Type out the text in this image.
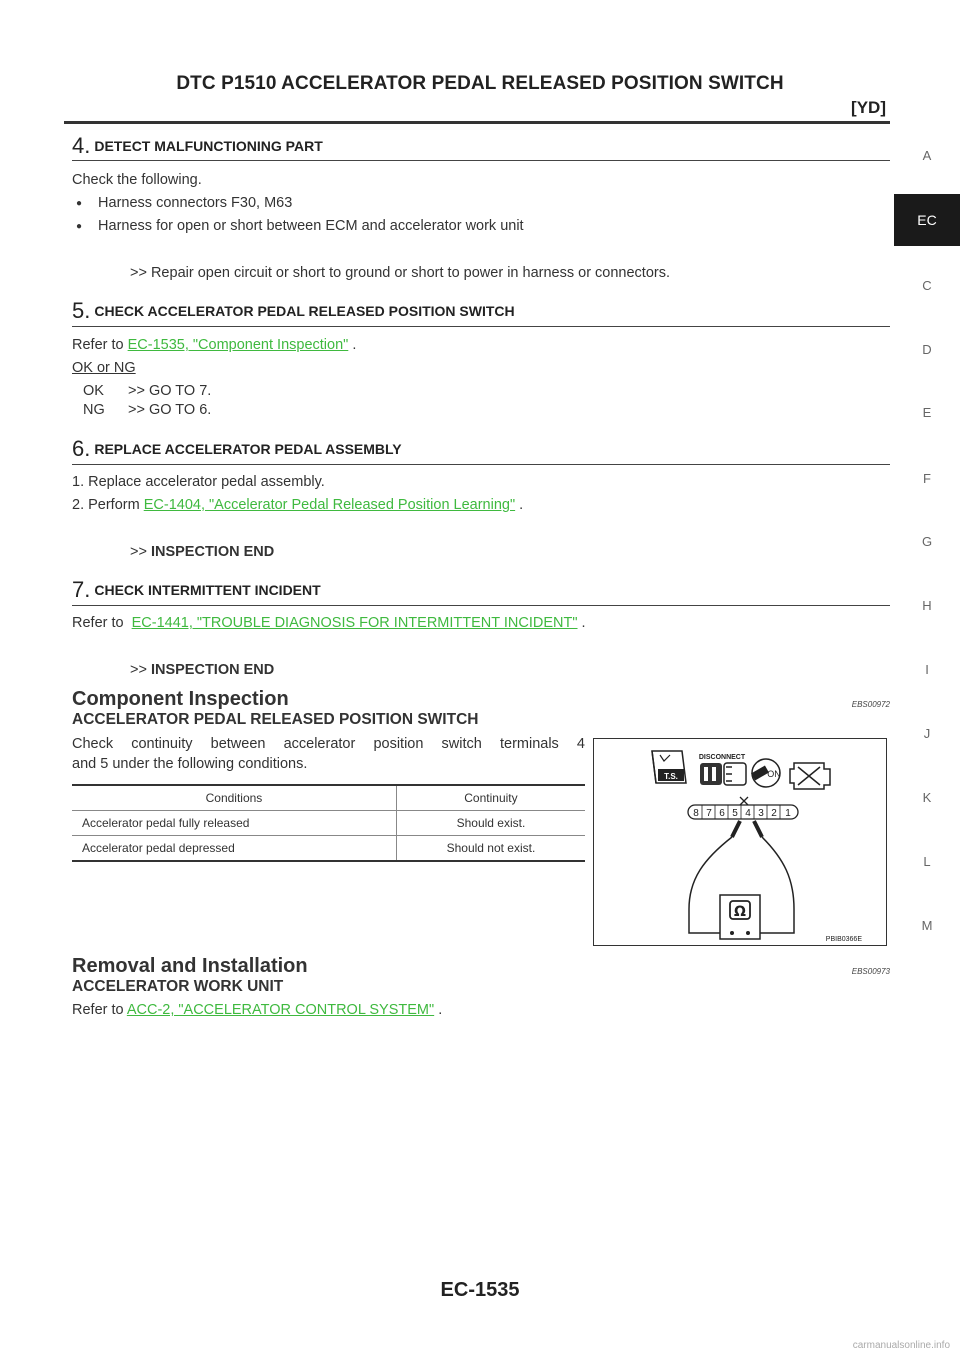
DTC P1510 ACCELERATOR PEDAL RELEASED POSITION SWITCH
[YD]
A
EC
C
D
E
F
G
H
I
J
K
L
M
4. DETECT MALFUNCTIONING PART
Check the following.
● Harness connectors F30, M63
● Harness for open or short between ECM and accelerator work unit
>> Repair open circuit or short to ground or short to power in harness or connectors.
5. CHECK ACCELERATOR PEDAL RELEASED POSITION SWITCH
Refer to EC-1535, "Component Inspection" .
OK or NG
OK >> GO TO 7.
NG >> GO TO 6.
6. REPLACE ACCELERATOR PEDAL ASSEMBLY
1. Replace accelerator pedal assembly.
2. Perform EC-1404, "Accelerator Pedal Released Position Learning" .
>> INSPECTION END
7. CHECK INTERMITTENT INCIDENT
Refer to EC-1441, "TROUBLE DIAGNOSIS FOR INTERMITTENT INCIDENT" .
>> INSPECTION END
Component Inspection	EBS00972
ACCELERATOR PEDAL RELEASED POSITION SWITCH
Check continuity between accelerator position switch terminals 4
and 5 under the following conditions.
Conditions	Continuity
Accelerator pedal fully released	Should exist.
Accelerator pedal depressed	Should not exist.
T.S.
DISCONNECT
ON
8 7 6 5 4 3 2 1
Ω
PBIB0366E
Removal and Installation	EBS00973
ACCELERATOR WORK UNIT
Refer to ACC-2, "ACCELERATOR CONTROL SYSTEM" .
EC-1535
carmanualsonline.info
